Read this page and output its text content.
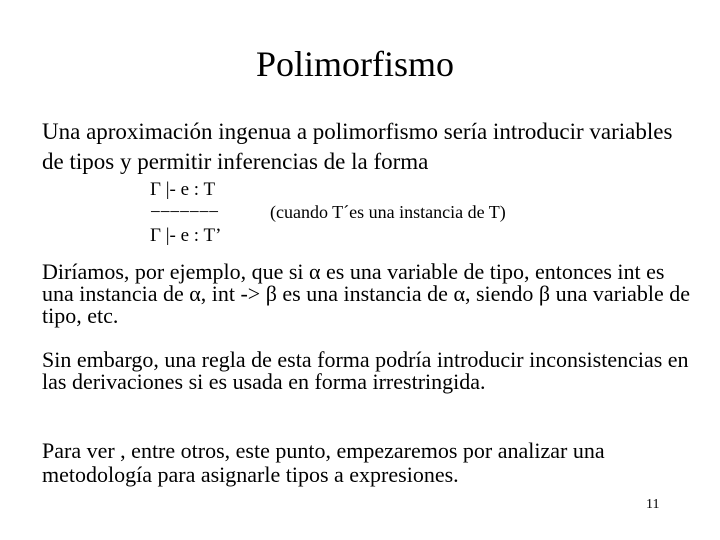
Polimorfismo
Una aproximación ingenua a polimorfismo sería introducir variables de tipos y permitir inferencias de la forma
Γ |- e : T
−−−−−−−
Γ |- e : T’
(cuando T´es una instancia de T)
Diríamos, por ejemplo, que si α es una variable de tipo, entonces int es una instancia de α, int -> β es una instancia de α, siendo β una variable de tipo, etc.
Sin embargo, una regla de esta forma podría introducir inconsistencias en las derivaciones si es usada en forma irrestringida.
Para ver , entre otros, este punto, empezaremos por analizar una metodología para asignarle tipos a expresiones.
11
